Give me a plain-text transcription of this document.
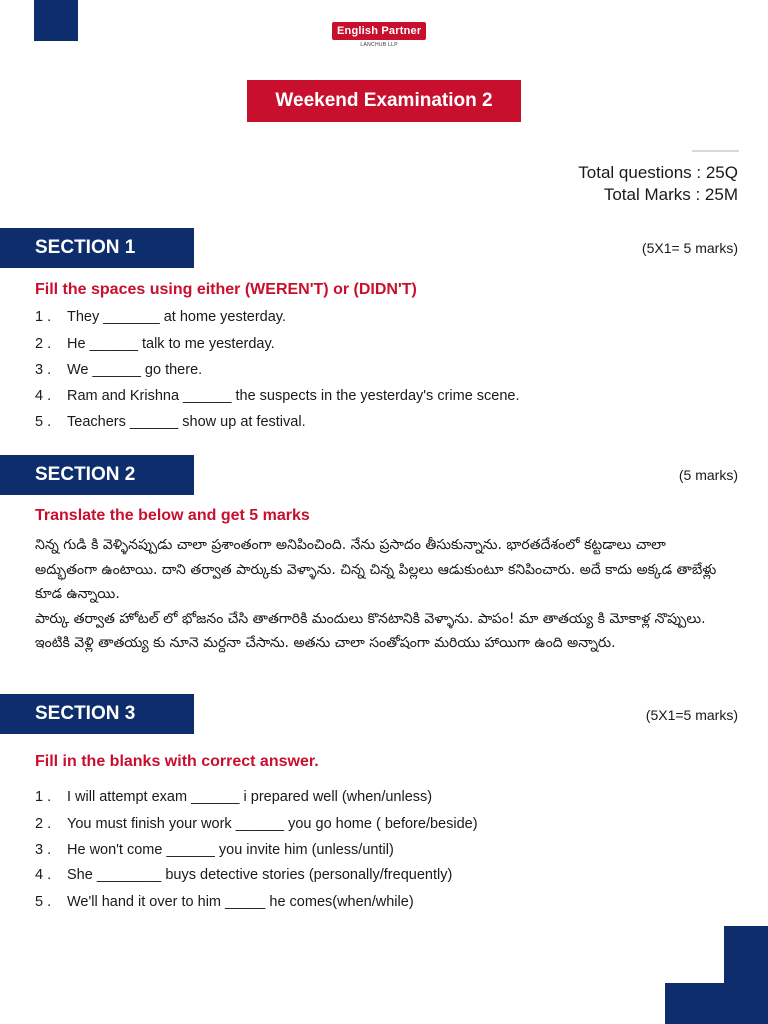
English Partner
LANCHUB LLP
Weekend Examination 2
Total questions : 25Q
Total Marks : 25M
SECTION 1	(5X1= 5 marks)
Fill the spaces using either (WEREN'T) or (DIDN'T)
1 . They _______ at home yesterday.
2 . He ______ talk to me yesterday.
3 . We ______ go there.
4 . Ram and Krishna ______ the suspects in the yesterday's crime scene.
5 . Teachers ______ show up at festival.
SECTION 2	(5 marks)
Translate the below and get 5 marks

నిన్న గుడి కి వెళ్ళినప్పుడు చాలా ప్రశాంతంగా అనిపించింది. నేను ప్రసాదం తీసుకున్నాను. భారతదేశంలో కట్టడాలు చాలా అద్భుతంగా ఉంటాయి. దాని తర్వాత పార్కుకు వెళ్ళాను. చిన్న చిన్న పిల్లలు ఆడుకుంటూ కనిపించారు. అదే కాదు అక్కడ తాబేళ్లు కూడ ఉన్నాయి.

పార్కు తర్వాత హోటల్ లో భోజనం చేసి తాతగారికి మందులు కొనటానికి వెళ్ళాను. పాపం! మా తాతయ్య కి మోకాళ్ల నొప్పులు. ఇంటికి వెళ్లి తాతయ్య కు నూనె మర్దనా చేసాను. అతను చాలా సంతోషంగా మరియు హాయిగా ఉంది అన్నారు.

SECTION 3	(5X1=5 marks)
Fill in the blanks with correct answer.
1 . I will attempt exam ______ i prepared well (when/unless)
2 . You must finish your work ______ you go home ( before/beside)
3 . He won't come ______ you invite him (unless/until)
4 . She ________ buys detective stories (personally/frequently)
5 . We'll hand it over to him _____ he comes(when/while)
